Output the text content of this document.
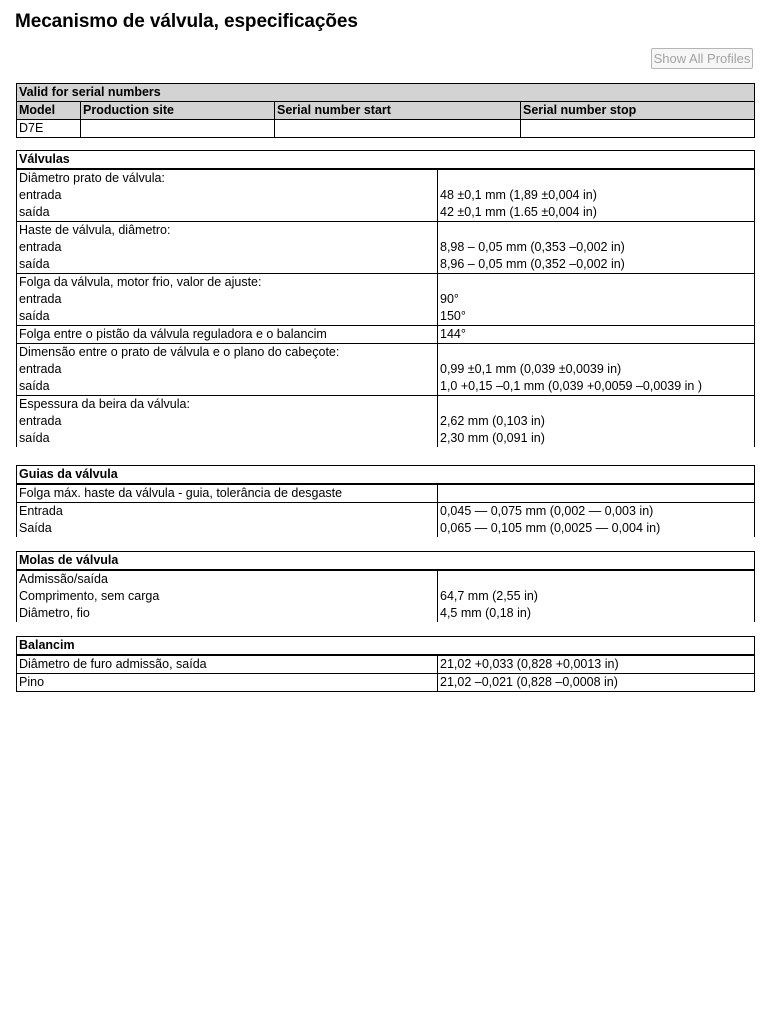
Mecanismo de válvula, especificações
Show All Profiles
Valid for serial numbers			
Model	Production site	Serial number start	Serial number stop
D7E			
Válvulas	
Diâmetro prato de válvula:	
entrada	48 ±0,1 mm (1,89 ±0,004 in)
saída	42 ±0,1 mm (1.65 ±0,004 in)
Haste de válvula, diâmetro:	
entrada	8,98 – 0,05 mm (0,353 –0,002 in)
saída	8,96 – 0,05 mm (0,352 –0,002 in)
Folga da válvula, motor frio, valor de ajuste:	
entrada	90°
saída	150°
Folga entre o pistão da válvula reguladora e o balancim	144°
Dimensão entre o prato de válvula e o plano do cabeçote:	
entrada	0,99 ±0,1 mm (0,039 ±0,0039 in)
saída	1,0 +0,15 –0,1 mm (0,039 +0,0059 –0,0039 in )
Espessura da beira da válvula:	
entrada	2,62 mm (0,103 in)
saída	2,30 mm (0,091 in)
Guias da válvula	
Folga máx. haste da válvula - guia, tolerância de desgaste	
Entrada	0,045 — 0,075 mm (0,002 — 0,003 in)
Saída	0,065 — 0,105 mm (0,0025 — 0,004 in)
Molas de válvula	
Admissão/saída	
Comprimento, sem carga	64,7 mm (2,55 in)
Diâmetro, fio	4,5 mm (0,18 in)
Balancim	
Diâmetro de furo admissão, saída	21,02 +0,033 (0,828 +0,0013 in)
Pino	21,02 –0,021 (0,828 –0,0008 in)
